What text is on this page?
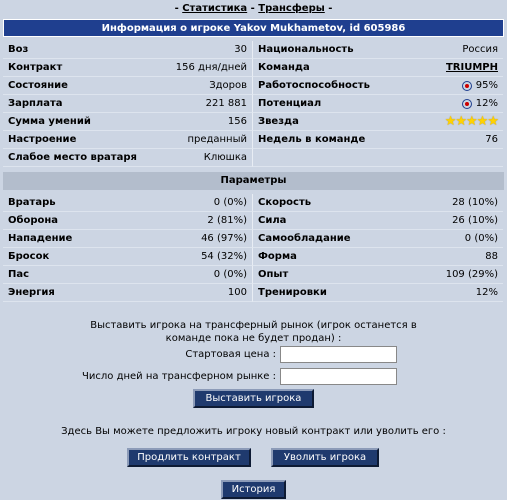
- Статистика - Трансферы -
Информация о игроке Yakov Mukhametov, id 605986
Воз	30 Национальность	Россия
Контракт	156 дня/дней Команда	TRIUMPH
Состояние	Здоров Работоспособность	95%
Зарплата	221 881 Потенциал	12%
Сумма умений	156 Звезда	★★★★★
Настроение	преданный Недель в команде	76
Слабое место вратаря	Клюшка
Параметры
Вратарь	0 (0%) Скорость	28 (10%)
Оборона	2 (81%) Сила	26 (10%)
Нападение	46 (97%) Самообладание	0 (0%)
Бросок	54 (32%) Форма	88
Пас	0 (0%) Опыт	109 (29%)
Энергия	100 Тренировки	12%
Выставить игрока на трансферный рынок (игрок останется в
команде пока не будет продан) :
Стартовая цена :
Число дней на трансферном рынке :
Выставить игрока
Здесь Вы можете предложить игроку новый контракт или уволить его :
Продлить контракт	Уволить игрока
История
